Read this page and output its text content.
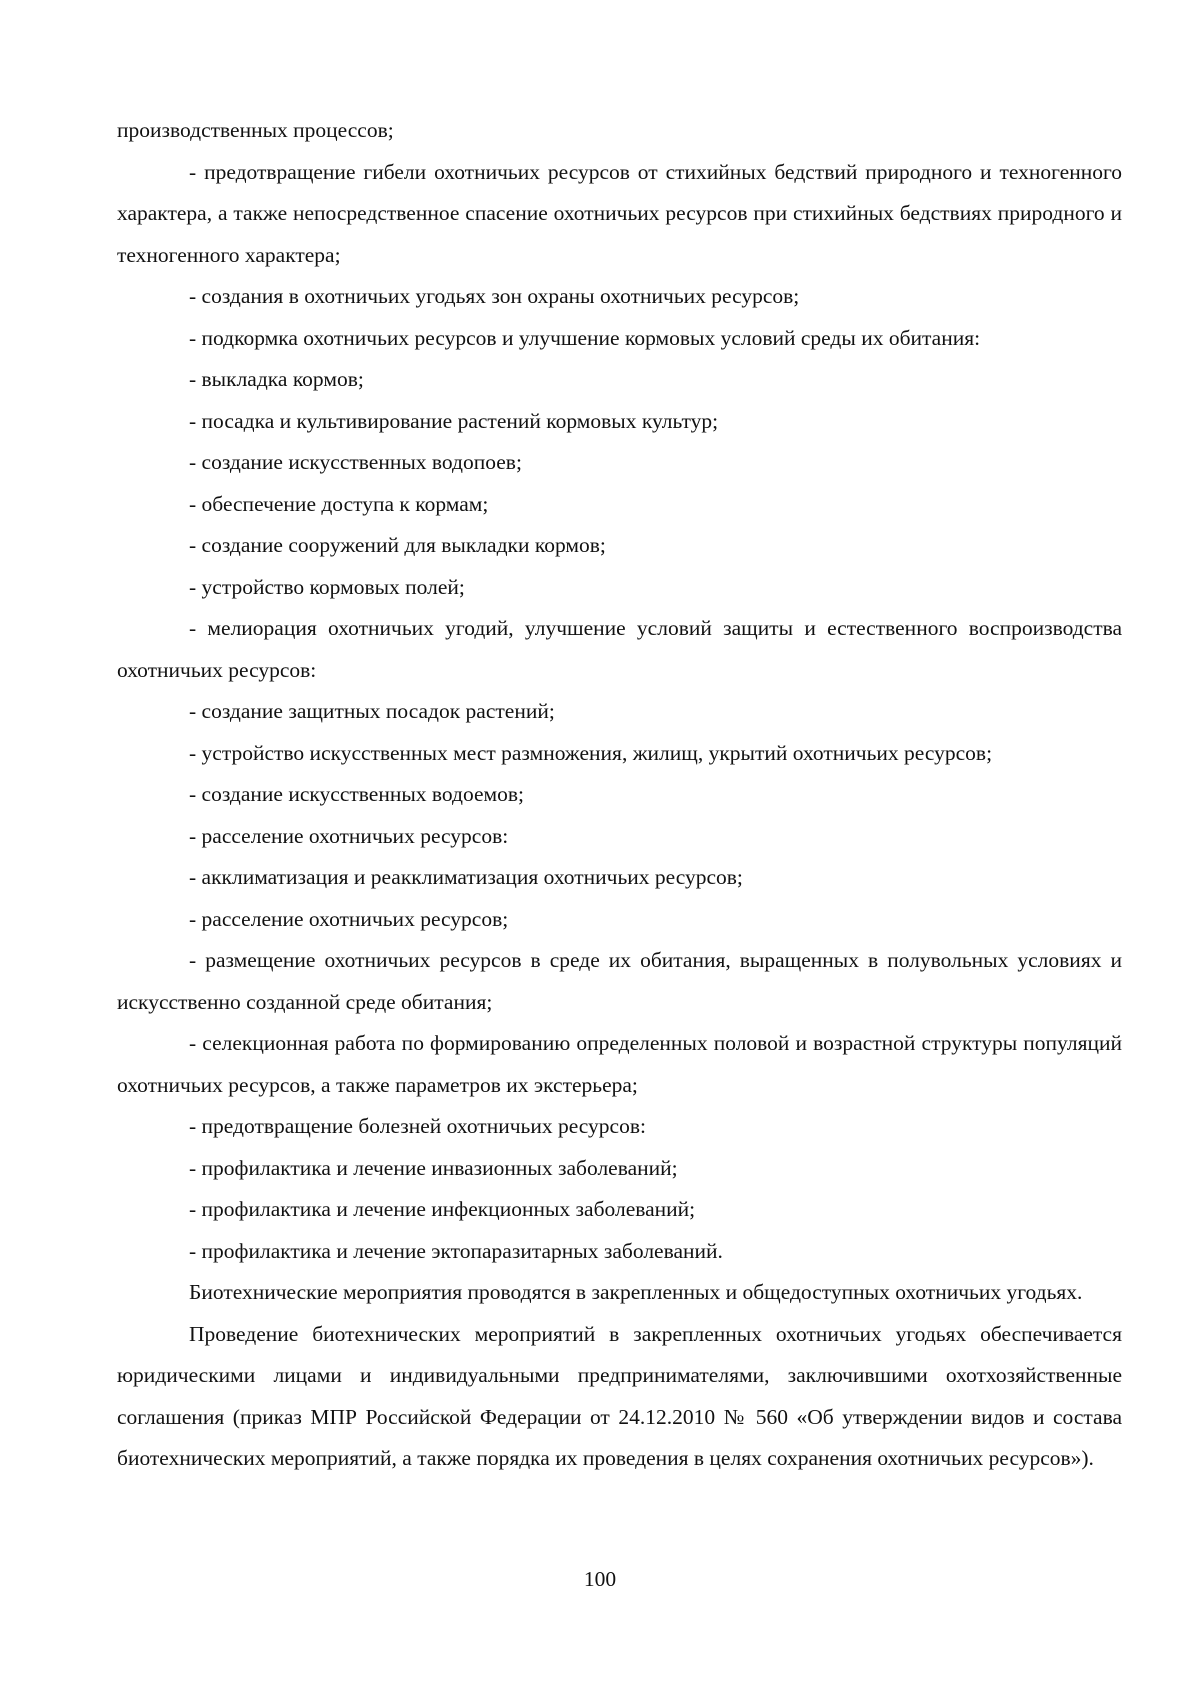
производственных процессов;

- предотвращение гибели охотничьих ресурсов от стихийных бедствий природного и техногенного характера, а также непосредственное спасение охотничьих ресурсов при стихийных бедствиях природного и техногенного характера;

- создания в охотничьих угодьях зон охраны охотничьих ресурсов;

- подкормка охотничьих ресурсов и улучшение кормовых условий среды их обитания:

- выкладка кормов;

- посадка и культивирование растений кормовых культур;

- создание искусственных водопоев;

- обеспечение доступа к кормам;

- создание сооружений для выкладки кормов;

- устройство кормовых полей;

- мелиорация охотничьих угодий, улучшение условий защиты и естественного воспроизводства охотничьих ресурсов:

- создание защитных посадок растений;

- устройство искусственных мест размножения, жилищ, укрытий охотничьих ресурсов;

- создание искусственных водоемов;

- расселение охотничьих ресурсов:

- акклиматизация и реакклиматизация охотничьих ресурсов;

- расселение охотничьих ресурсов;

- размещение охотничьих ресурсов в среде их обитания, выращенных в полувольных условиях и искусственно созданной среде обитания;

- селекционная работа по формированию определенных половой и возрастной структуры популяций охотничьих ресурсов, а также параметров их экстерьера;

- предотвращение болезней охотничьих ресурсов:

- профилактика и лечение инвазионных заболеваний;

- профилактика и лечение инфекционных заболеваний;

- профилактика и лечение эктопаразитарных заболеваний.

Биотехнические мероприятия проводятся в закрепленных и общедоступных охотничьих угодьях.

Проведение биотехнических мероприятий в закрепленных охотничьих угодьях обеспечивается юридическими лицами и индивидуальными предпринимателями, заключившими охотхозяйственные соглашения (приказ МПР Российской Федерации от 24.12.2010 № 560 «Об утверждении видов и состава биотехнических мероприятий, а также порядка их проведения в целях сохранения охотничьих ресурсов»).

100
